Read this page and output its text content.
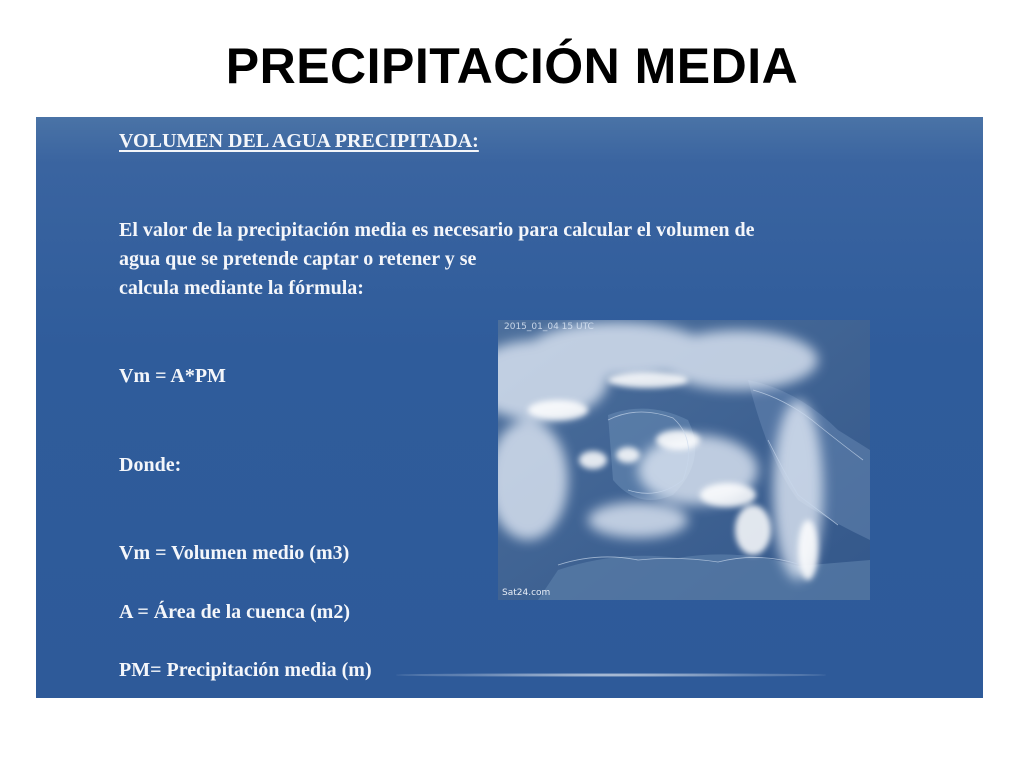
PRECIPITACIÓN MEDIA

VOLUMEN DEL AGUA PRECIPITADA:

El valor de la precipitación media es necesario para calcular el volumen de
agua que se pretende captar o retener y se
calcula mediante la fórmula:

Vm = A*PM

Donde:

Vm = Volumen medio (m3)

A = Área de la cuenca (m2)

PM= Precipitación media (m)

2015_01_04 15 UTC
Sat24.com
